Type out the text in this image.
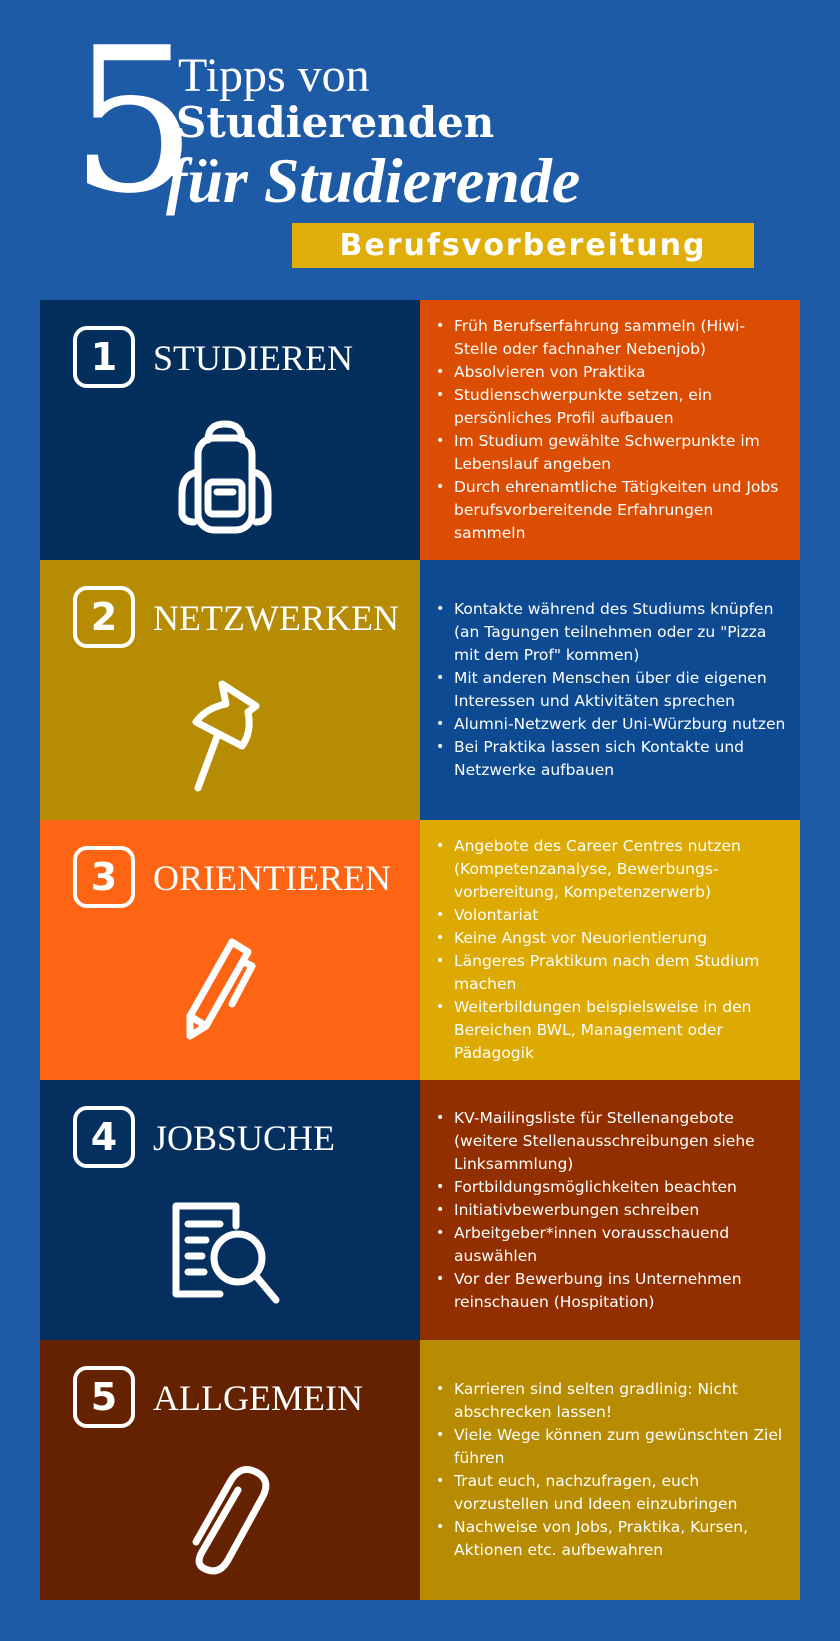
5
Tipps von
Studierenden
für Studierende
Berufsvorbereitung
1 STUDIEREN
• Früh Berufserfahrung sammeln (Hiwi-Stelle oder fachnaher Nebenjob)
• Absolvieren von Praktika
• Studienschwerpunkte setzen, ein persönliches Profil aufbauen
• Im Studium gewählte Schwerpunkte im Lebenslauf angeben
• Durch ehrenamtliche Tätigkeiten und Jobs berufsvorbereitende Erfahrungen sammeln
2 NETZWERKEN	• Kontakte während des Studiums knüpfen (an Tagungen teilnehmen oder zu "Pizza mit dem Prof" kommen)
• Mit anderen Menschen über die eigenen Interessen und Aktivitäten sprechen
• Alumni-Netzwerk der Uni-Würzburg nutzen
• Bei Praktika lassen sich Kontakte und Netzwerke aufbauen
3 ORIENTIEREN
• Angebote des Career Centres nutzen (Kompetenzanalyse, Bewerbungs-vorbereitung, Kompetenzerwerb)
• Volontariat
• Keine Angst vor Neuorientierung
• Längeres Praktikum nach dem Studium machen
• Weiterbildungen beispielsweise in den Bereichen BWL, Management oder Pädagogik
4 JOBSUCHE
• KV-Mailingsliste für Stellenangebote (weitere Stellenausschreibungen siehe Linksammlung)
• Fortbildungsmöglichkeiten beachten
• Initiativbewerbungen schreiben
• Arbeitgeber*innen vorausschauend auswählen
• Vor der Bewerbung ins Unternehmen reinschauen (Hospitation)
5 ALLGEMEIN	• Karrieren sind selten gradlinig: Nicht abschrecken lassen!
• Viele Wege können zum gewünschten Ziel führen
• Traut euch, nachzufragen, euch vorzustellen und Ideen einzubringen
• Nachweise von Jobs, Praktika, Kursen, Aktionen etc. aufbewahren
